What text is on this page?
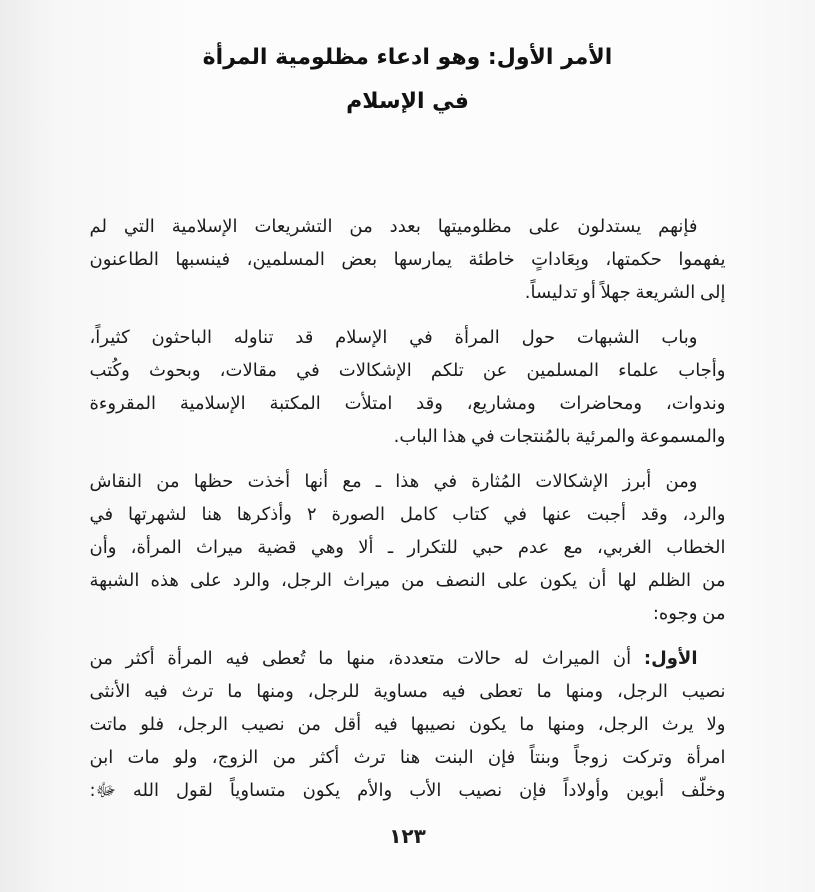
الأمر الأول: وهو ادعاء مظلومية المرأة
في الإسلام
فإنهم يستدلون على مظلوميتها بعدد من التشريعات الإسلامية التي لم
يفهموا حكمتها، وبِعَاداتٍ خاطئة يمارسها بعض المسلمين، فينسبها الطاعنون
إلى الشريعة جهلاً أو تدليساً.
وباب الشبهات حول المرأة في الإسلام قد تناوله الباحثون كثيراً،
وأجاب علماء المسلمين عن تلكم الإشكالات في مقالات، وبحوث وكُتب
وندوات، ومحاضرات ومشاريع، وقد امتلأت المكتبة الإسلامية المقروءة
والمسموعة والمرئية بالمُنتجات في هذا الباب.
ومن أبرز الإشكالات المُثارة في هذا ـ مع أنها أخذت حظها من النقاش
والرد، وقد أجبت عنها في كتاب كامل الصورة ٢ وأذكرها هنا لشهرتها في
الخطاب الغربي، مع عدم حبي للتكرار ـ ألا وهي قضية ميراث المرأة، وأن
من الظلم لها أن يكون على النصف من ميراث الرجل، والرد على هذه الشبهة
من وجوه:
الأول: أن الميراث له حالات متعددة، منها ما تُعطى فيه المرأة أكثر من
نصيب الرجل، ومنها ما تعطى فيه مساوية للرجل، ومنها ما ترث فيه الأنثى
ولا يرث الرجل، ومنها ما يكون نصيبها فيه أقل من نصيب الرجل، فلو ماتت
امرأة وتركت زوجاً وبنتاً فإن البنت هنا ترث أكثر من الزوج، ولو مات ابن
وخلّف أبوين وأولاداً فإن نصيب الأب والأم يكون متساوياً لقول الله ﷻ:
١٢٣
